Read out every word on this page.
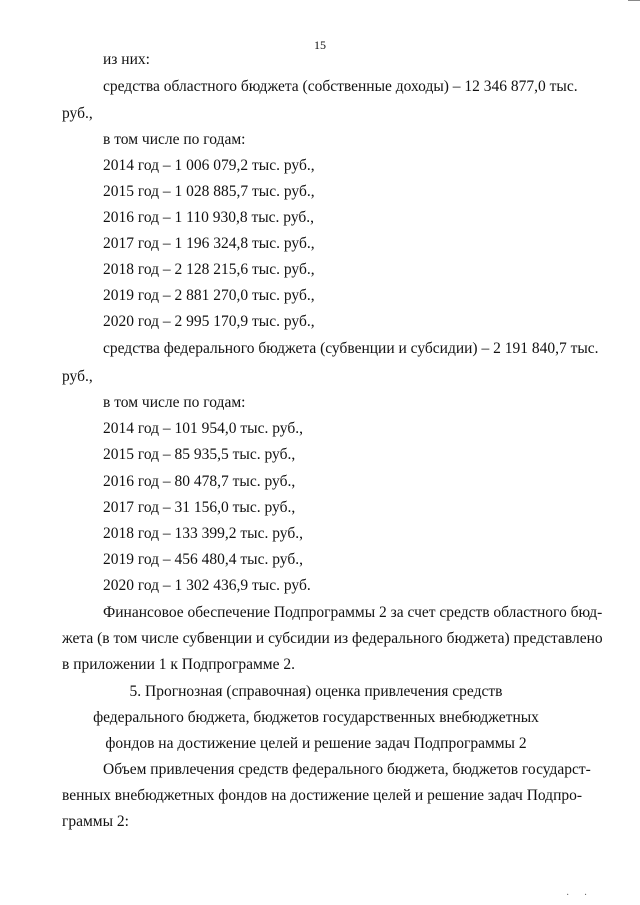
15
из них:
средства областного бюджета (собственные доходы) – 12 346 877,0 тыс.
руб.,
в том числе по годам:
2014 год – 1 006 079,2 тыс. руб.,
2015 год – 1 028 885,7 тыс. руб.,
2016 год – 1 110 930,8 тыс. руб.,
2017 год – 1 196 324,8 тыс. руб.,
2018 год – 2 128 215,6 тыс. руб.,
2019 год – 2 881 270,0 тыс. руб.,
2020 год – 2 995 170,9 тыс. руб.,
средства федерального бюджета (субвенции и субсидии) – 2 191 840,7 тыс.
руб.,
в том числе по годам:
2014 год – 101 954,0 тыс. руб.,
2015 год – 85 935,5 тыс. руб.,
2016 год – 80 478,7 тыс. руб.,
2017 год – 31 156,0 тыс. руб.,
2018 год – 133 399,2 тыс. руб.,
2019 год – 456 480,4 тыс. руб.,
2020 год – 1 302 436,9 тыс. руб.
Финансовое обеспечение Подпрограммы 2 за счет средств областного бюд-
жета (в том числе субвенции и субсидии из федерального бюджета) представлено
в приложении 1 к Подпрограмме 2.
5. Прогнозная (справочная) оценка привлечения средств
федерального бюджета, бюджетов государственных внебюджетных
фондов на достижение целей и решение задач Подпрограммы 2
Объем привлечения средств федерального бюджета, бюджетов государст-
венных внебюджетных фондов на достижение целей и решение задач Подпро-
граммы 2:
· ·
